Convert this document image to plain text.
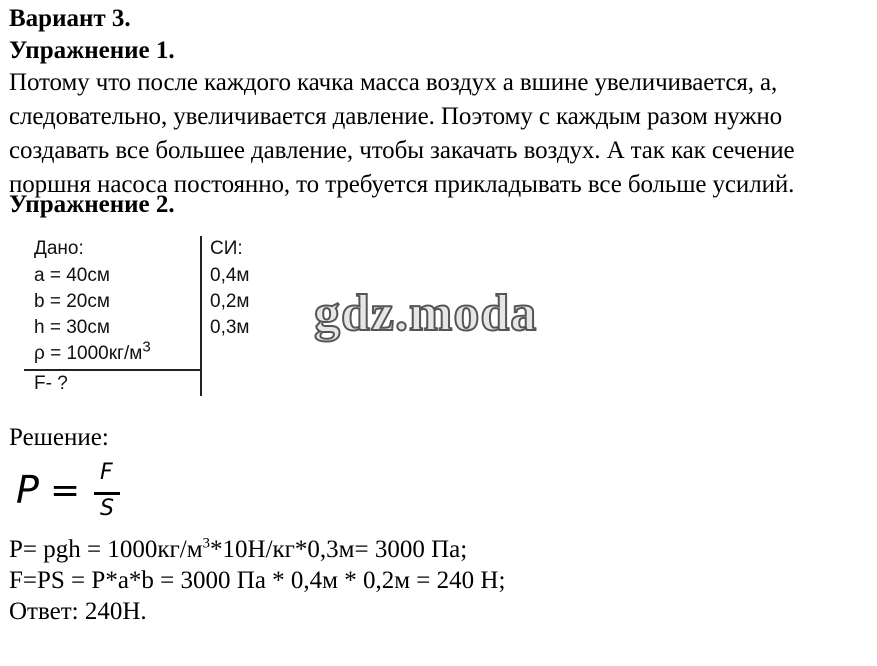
Вариант 3.
Упражнение 1.
Потому что после каждого качка масса воздух а вшине увеличивается, а,
следовательно, увеличивается давление. Поэтому с каждым разом нужно
создавать все большее давление, чтобы закачать воздух. А так как сечение
поршня насоса постоянно, то требуется прикладывать все больше усилий.
Упражнение 2.
Дано:	СИ:
a = 40см	0,4м
b = 20см	0,2м
h = 30см	0,3м
$\rho = 1000кг/м^3$
F- ?
gdz.moda
Решение:
P = F
S
P= pgh = $1000кг/м^3*10Н/кг*0,3м= 3000$ Па;
F=PS = P*a*b = 3000 Па * 0,4м * 0,2м = 240 Н;
Ответ: 240Н.
